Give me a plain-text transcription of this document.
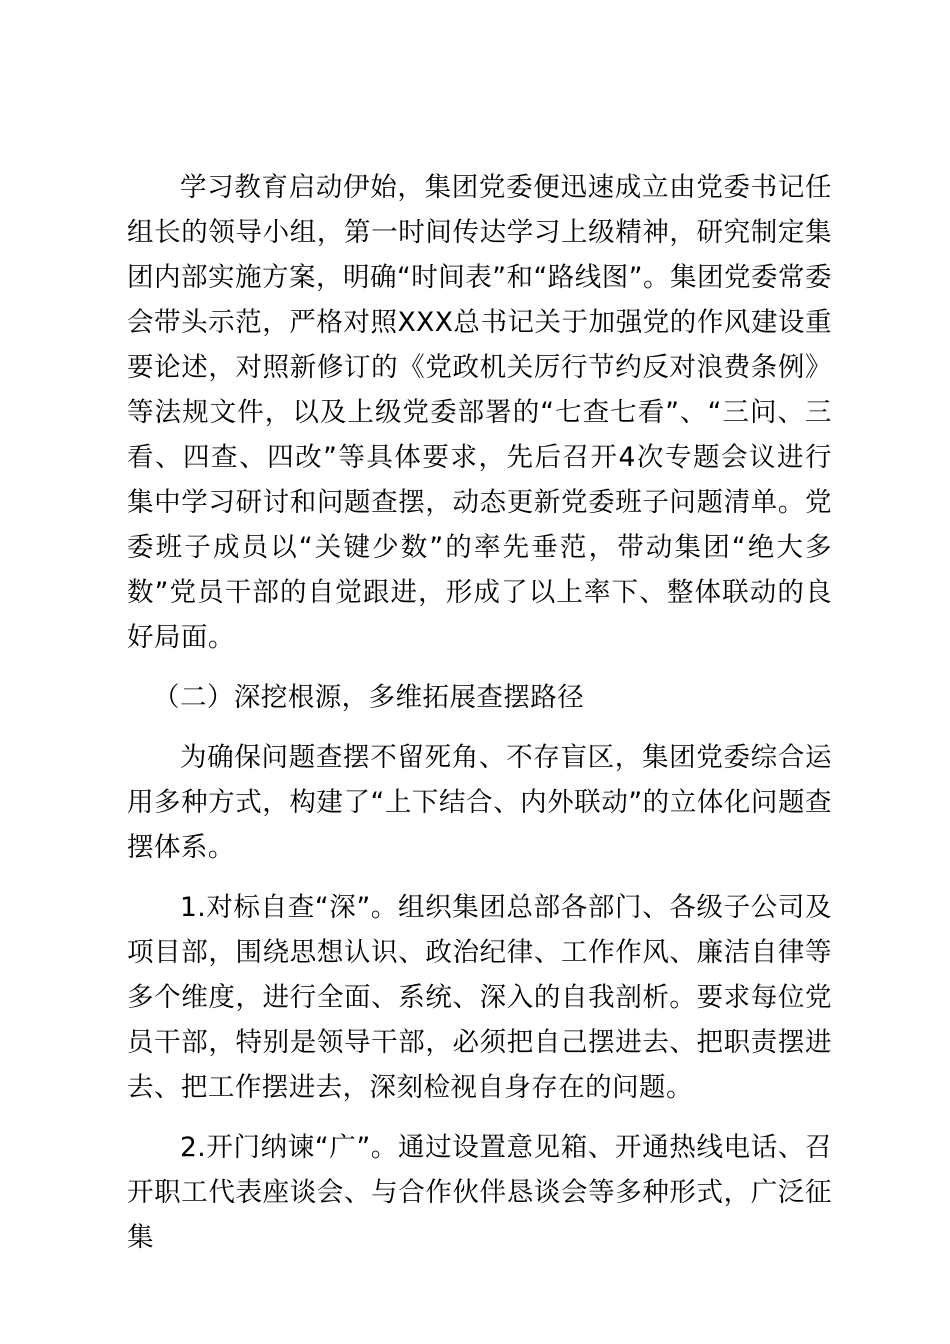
学习教育启动伊始，集团党委便迅速成立由党委书记任组长的领导小组，第一时间传达学习上级精神，研究制定集团内部实施方案，明确“时间表”和“路线图”。集团党委常委会带头示范，严格对照XXX总书记关于加强党的作风建设重要论述，对照新修订的《党政机关厉行节约反对浪费条例》等法规文件，以及上级党委部署的“七查七看”、“三问、三看、四查、四改”等具体要求，先后召开4次专题会议进行集中学习研讨和问题查摆，动态更新党委班子问题清单。党委班子成员以“关键少数”的率先垂范，带动集团“绝大多数”党员干部的自觉跟进，形成了以上率下、整体联动的良好局面。

（二）深挖根源，多维拓展查摆路径

为确保问题查摆不留死角、不存盲区，集团党委综合运用多种方式，构建了“上下结合、内外联动”的立体化问题查摆体系。

1.对标自查“深”。组织集团总部各部门、各级子公司及项目部，围绕思想认识、政治纪律、工作作风、廉洁自律等多个维度，进行全面、系统、深入的自我剖析。要求每位党员干部，特别是领导干部，必须把自己摆进去、把职责摆进去、把工作摆进去，深刻检视自身存在的问题。

2.开门纳谏“广”。通过设置意见箱、开通热线电话、召开职工代表座谈会、与合作伙伴恳谈会等多种形式，广泛征集
